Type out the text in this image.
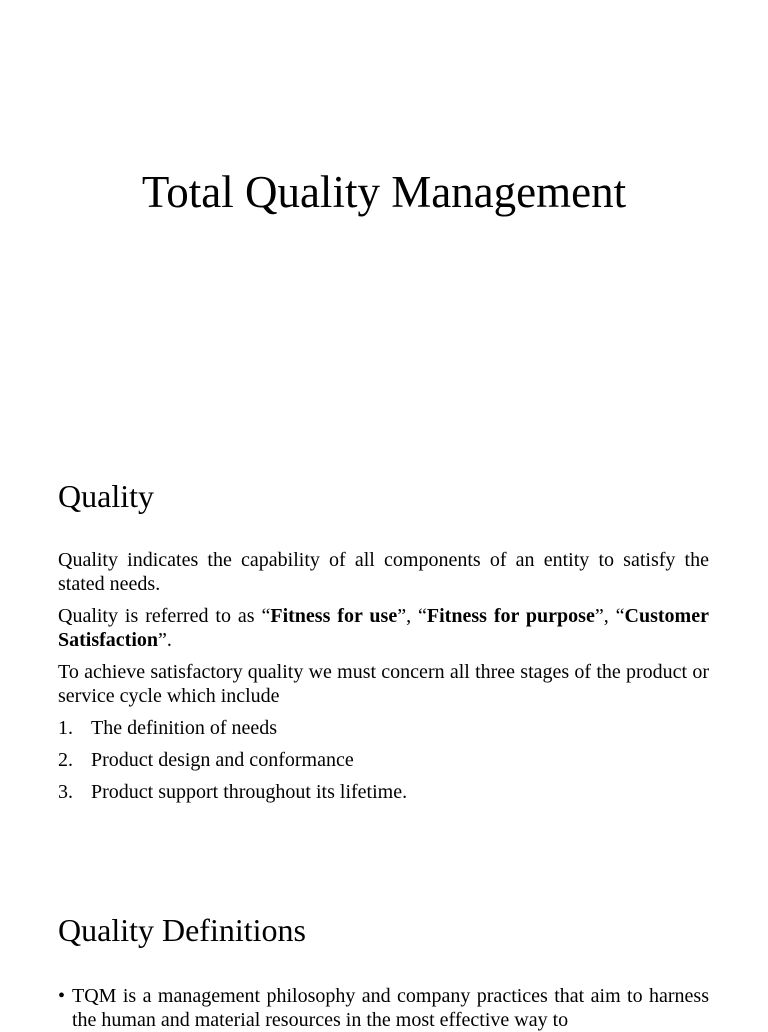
Total Quality Management
Quality

Quality indicates the capability of all components of an entity to satisfy the stated needs.

Quality is referred to as “Fitness for use”, “Fitness for purpose”, “Customer Satisfaction”.

To achieve satisfactory quality we must concern all three stages of the product or service cycle which include

1. The definition of needs
2. Product design and conformance
3. Product support throughout its lifetime.
Quality Definitions
• TQM is a management philosophy and company practices that aim to harness the human and material resources in the most effective way to
